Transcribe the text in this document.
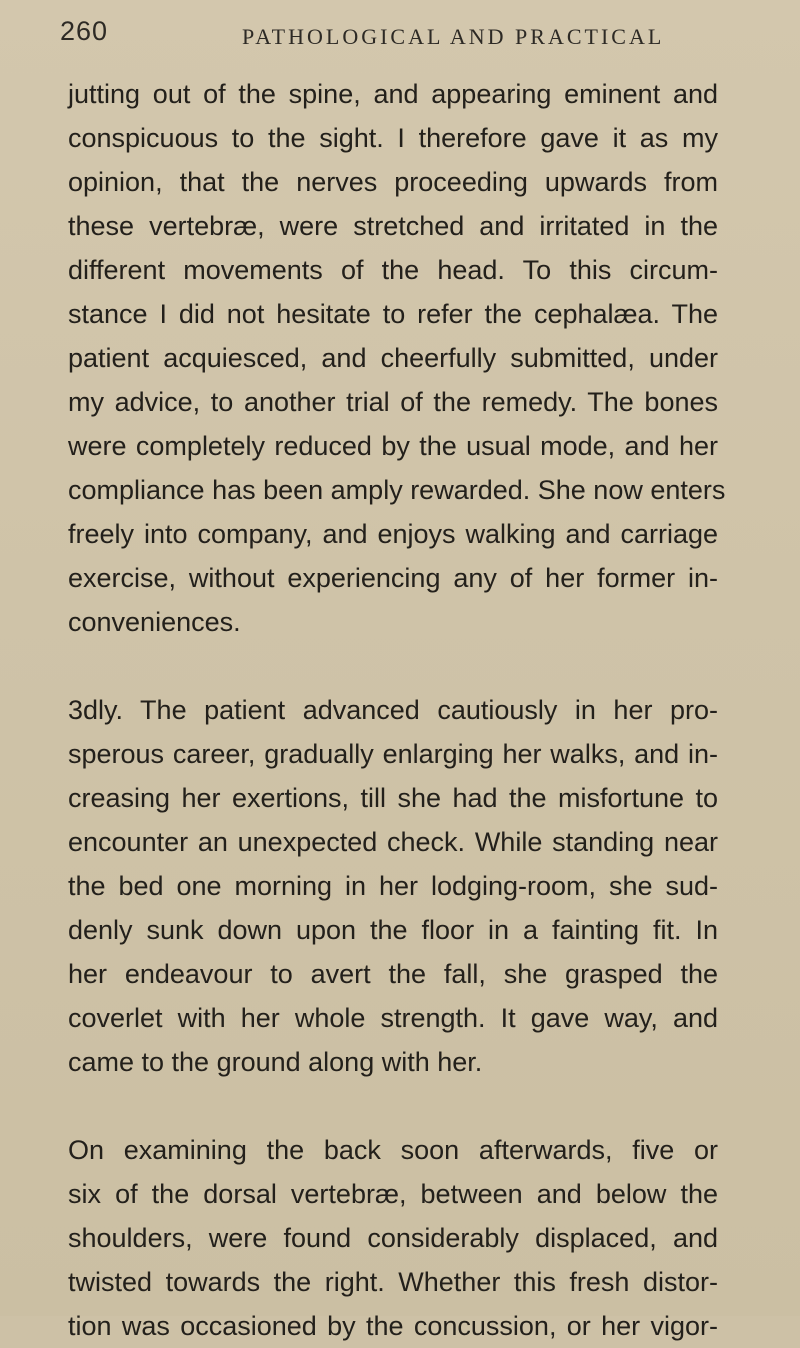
260	PATHOLOGICAL AND PRACTICAL

jutting out of the spine, and appearing eminent and
conspicuous to the sight. I therefore gave it as my
opinion, that the nerves proceeding upwards from
these vertebræ, were stretched and irritated in the
different movements of the head. To this circum-
stance I did not hesitate to refer the cephalæa. The
patient acquiesced, and cheerfully submitted, under
my advice, to another trial of the remedy. The bones
were completely reduced by the usual mode, and her
compliance has been amply rewarded. She now enters
freely into company, and enjoys walking and carriage
exercise, without experiencing any of her former in-
conveniences.

3dly. The patient advanced cautiously in her pro-
sperous career, gradually enlarging her walks, and in-
creasing her exertions, till she had the misfortune to
encounter an unexpected check. While standing near
the bed one morning in her lodging-room, she sud-
denly sunk down upon the floor in a fainting fit. In
her endeavour to avert the fall, she grasped the
coverlet with her whole strength. It gave way, and
came to the ground along with her.

On examining the back soon afterwards, five or
six of the dorsal vertebræ, between and below the
shoulders, were found considerably displaced, and
twisted towards the right. Whether this fresh distor-
tion was occasioned by the concussion, or her vigor-
